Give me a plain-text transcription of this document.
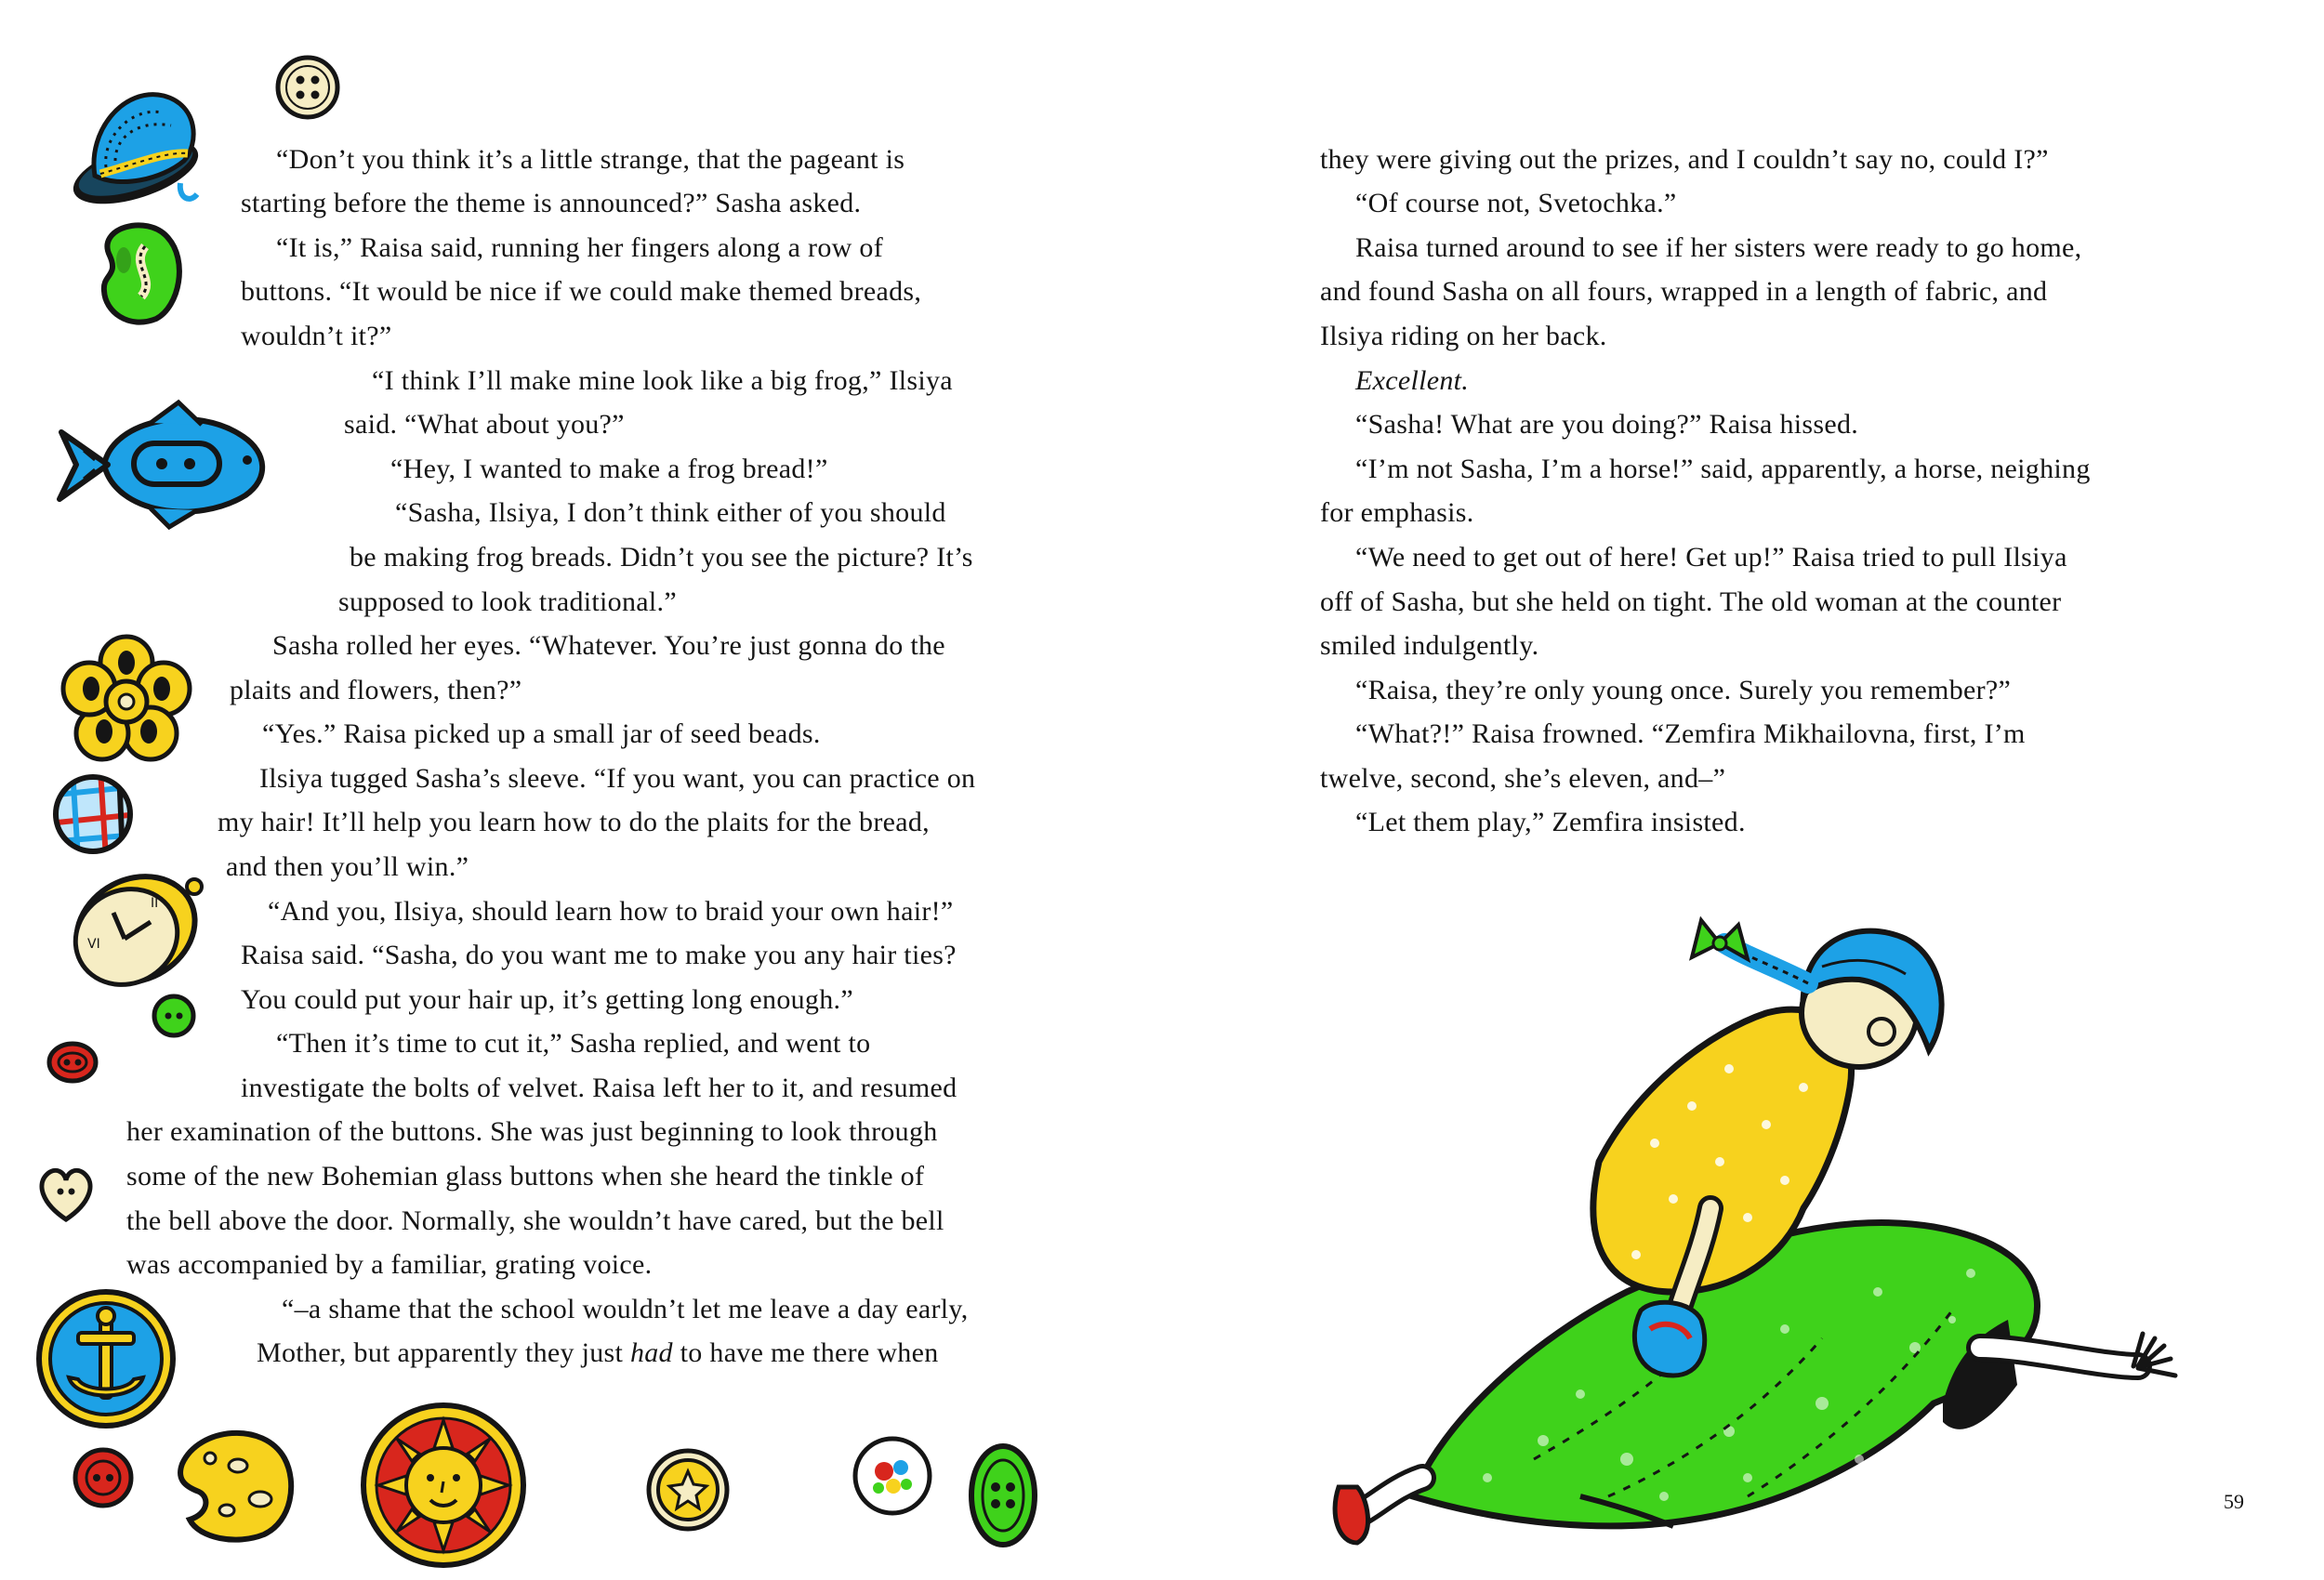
“Don’t you think it’s a little strange, that the pageant is
starting before the theme is announced?” Sasha asked.
“It is,” Raisa said, running her fingers along a row of
buttons. “It would be nice if we could make themed breads,
wouldn’t it?”
“I think I’ll make mine look like a big frog,” Ilsiya
said. “What about you?”
“Hey, I wanted to make a frog bread!”
“Sasha, Ilsiya, I don’t think either of you should
be making frog breads. Didn’t you see the picture? It’s
supposed to look traditional.”
Sasha rolled her eyes. “Whatever. You’re just gonna do the
plaits and flowers, then?”
“Yes.” Raisa picked up a small jar of seed beads.
Ilsiya tugged Sasha’s sleeve. “If you want, you can practice on
my hair! It’ll help you learn how to do the plaits for the bread,
and then you’ll win.”
“And you, Ilsiya, should learn how to braid your own hair!”
Raisa said. “Sasha, do you want me to make you any hair ties?
You could put your hair up, it’s getting long enough.”
“Then it’s time to cut it,” Sasha replied, and went to
investigate the bolts of velvet. Raisa left her to it, and resumed
her examination of the buttons. She was just beginning to look through
some of the new Bohemian glass buttons when she heard the tinkle of
the bell above the door. Normally, she wouldn’t have cared, but the bell
was accompanied by a familiar, grating voice.
“–a shame that the school wouldn’t let me leave a day early,
Mother, but apparently they just had to have me there when
VI
II
they were giving out the prizes, and I couldn’t say no, could I?”
“Of course not, Svetochka.”
Raisa turned around to see if her sisters were ready to go home,
and found Sasha on all fours, wrapped in a length of fabric, and
Ilsiya riding on her back.
Excellent.
“Sasha! What are you doing?” Raisa hissed.
“I’m not Sasha, I’m a horse!” said, apparently, a horse, neighing
for emphasis.
“We need to get out of here! Get up!” Raisa tried to pull Ilsiya
off of Sasha, but she held on tight. The old woman at the counter
smiled indulgently.
“Raisa, they’re only young once. Surely you remember?”
“What?!” Raisa frowned. “Zemfira Mikhailovna, first, I’m
twelve, second, she’s eleven, and–”
“Let them play,” Zemfira insisted.
59
